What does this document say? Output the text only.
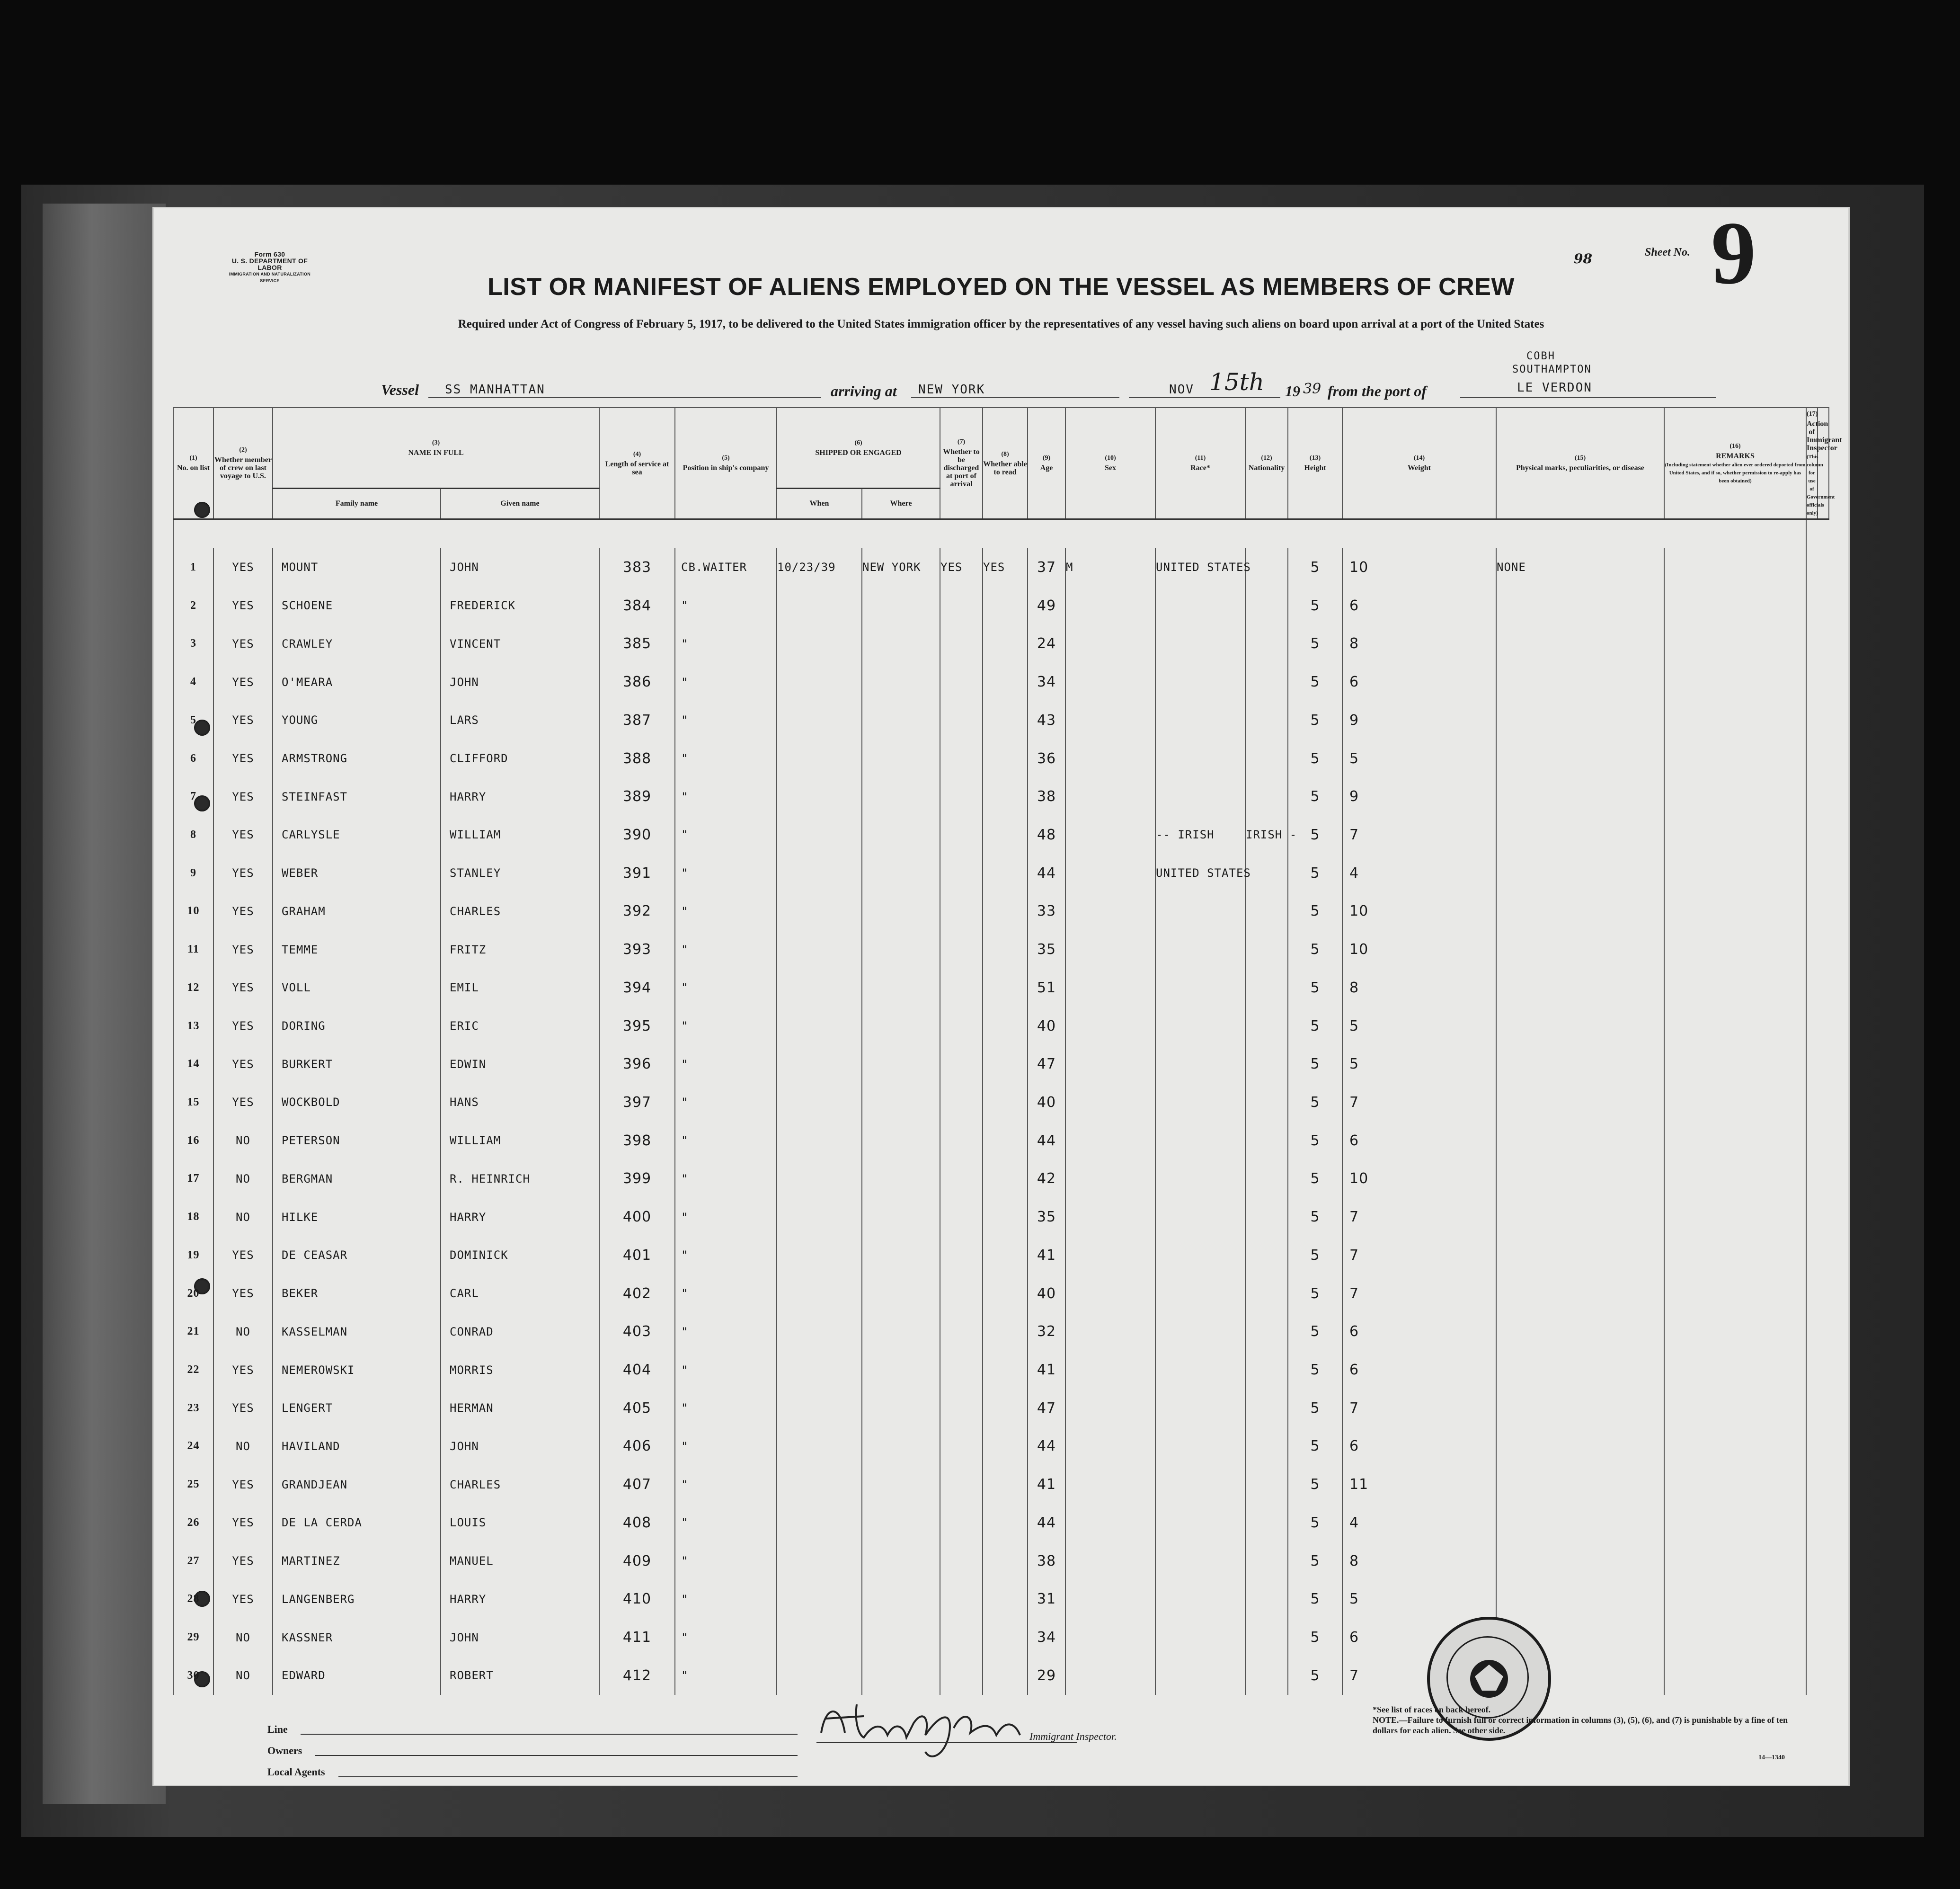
Form 630
U. S. DEPARTMENT OF LABOR
IMMIGRATION AND NATURALIZATION SERVICE
98	Sheet No. 9
LIST OR MANIFEST OF ALIENS EMPLOYED ON THE VESSEL AS MEMBERS OF CREW
Required under Act of Congress of February 5, 1917, to be delivered to the United States immigration officer by the representatives of any vessel having such aliens on board upon arrival at a port of the United States
Vessel SS MANHATTAN	arriving at NEW YORK	NOV 15th 19 39 from the port of
COBH
SOUTHAMPTON
LE VERDON
(1)
No. on list	(2)
Whether member of crew on last voyage to U.S.	(3)
NAME IN FULL		(4)
Length of service at sea	(5)
Position in ship's company	(6)
SHIPPED OR ENGAGED		(7)
Whether to be discharged at port of arrival	(8)
Whether able to read	(9)
Age	(10)
Sex	(11)
Race*	(12)
Nationality	(13)
Height	(14)
Weight	(15)
Physical marks, peculiarities, or disease	(16)
REMARKS
(Including statement whether alien ever ordered deported from United States, and if so, whether permission to re-apply has been obtained)	(17)
Action of Immigrant Inspector
(This column for use of Government officials only)	
		Family name	Given name			When	Where												

1	YES	MOUNT	JOHN	383	CB.WAITER	10/23/39	NEW YORK	YES	YES	37	M	UNITED STATES		5	10	NONE			
2	YES	SCHOENE	FREDERICK	384	"					49				5	6				
3	YES	CRAWLEY	VINCENT	385	"					24				5	8				
4	YES	O'MEARA	JOHN	386	"					34				5	6				
5	YES	YOUNG	LARS	387	"					43				5	9				
6	YES	ARMSTRONG	CLIFFORD	388	"					36				5	5				
7	YES	STEINFAST	HARRY	389	"					38				5	9				
8	YES	CARLYSLE	WILLIAM	390	"					48		-- IRISH	IRISH -	5	7				
9	YES	WEBER	STANLEY	391	"					44		UNITED STATES		5	4				
10	YES	GRAHAM	CHARLES	392	"					33				5	10				
11	YES	TEMME	FRITZ	393	"					35				5	10				
12	YES	VOLL	EMIL	394	"					51				5	8				
13	YES	DORING	ERIC	395	"					40				5	5				
14	YES	BURKERT	EDWIN	396	"					47				5	5				
15	YES	WOCKBOLD	HANS	397	"					40				5	7				
16	NO	PETERSON	WILLIAM	398	"					44				5	6				
17	NO	BERGMAN	R. HEINRICH	399	"					42				5	10				
18	NO	HILKE	HARRY	400	"					35				5	7				
19	YES	DE CEASAR	DOMINICK	401	"					41				5	7				
20	YES	BEKER	CARL	402	"					40				5	7				
21	NO	KASSELMAN	CONRAD	403	"					32				5	6				
22	YES	NEMEROWSKI	MORRIS	404	"					41				5	6				
23	YES	LENGERT	HERMAN	405	"					47				5	7				
24	NO	HAVILAND	JOHN	406	"					44				5	6				
25	YES	GRANDJEAN	CHARLES	407	"					41				5	11				
26	YES	DE LA CERDA	LOUIS	408	"					44				5	4				
27	YES	MARTINEZ	MANUEL	409	"					38				5	8				
28	YES	LANGENBERG	HARRY	410	"					31				5	5				
29	NO	KASSNER	JOHN	411	"					34				5	6				
30	NO	EDWARD	ROBERT	412	"					29				5	7				
Line
Owners
Local Agents
Immigrant Inspector.
*See list of races on back hereof.
NOTE.—Failure to furnish full or correct information in columns (3), (5), (6), and (7) is punishable by a fine of ten dollars for each alien. See other side.
14—1340
